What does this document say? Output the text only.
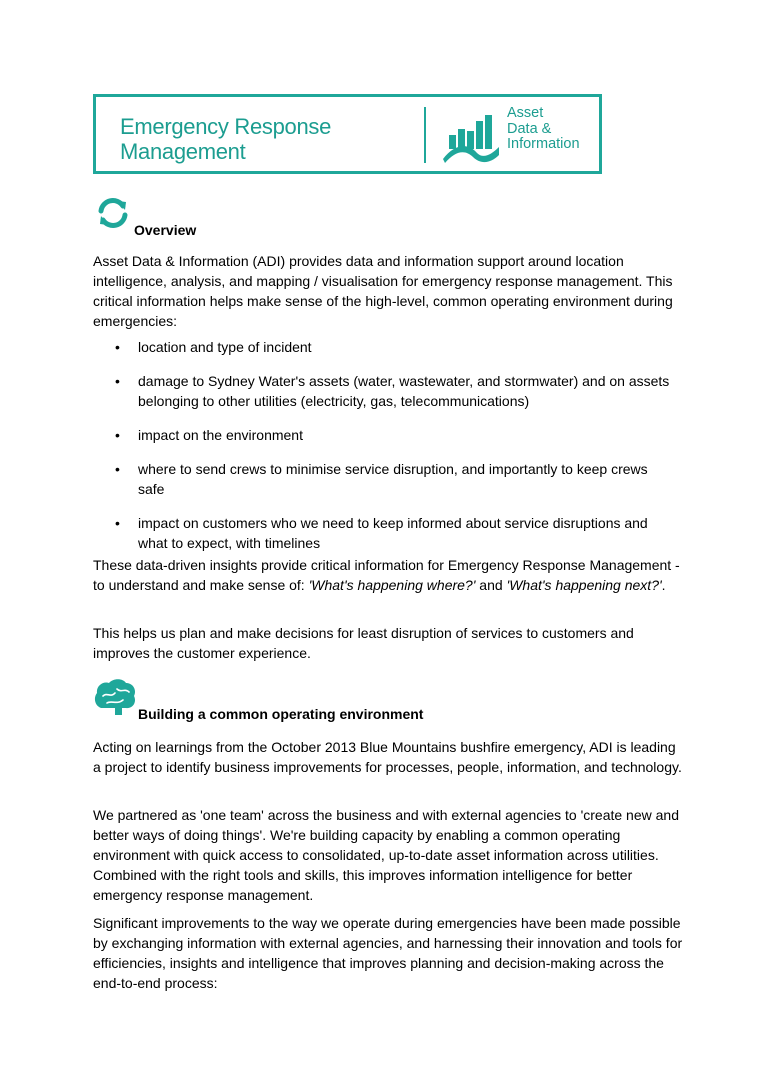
Emergency Response Management
Asset
Data &
Information
Overview
Asset Data & Information (ADI) provides data and information support around location intelligence, analysis, and mapping / visualisation for emergency response management. This critical information helps make sense of the high-level, common operating environment during emergencies:
• location and type of incident
• damage to Sydney Water's assets (water, wastewater, and stormwater) and on assets belonging to other utilities (electricity, gas, telecommunications)
• impact on the environment
• where to send crews to minimise service disruption, and importantly to keep crews safe
• impact on customers who we need to keep informed about service disruptions and what to expect, with timelines
These data-driven insights provide critical information for Emergency Response Management - to understand and make sense of: 'What's happening where?' and 'What's happening next?'.
This helps us plan and make decisions for least disruption of services to customers and improves the customer experience.
Building a common operating environment
Acting on learnings from the October 2013 Blue Mountains bushfire emergency, ADI is leading a project to identify business improvements for processes, people, information, and technology.
We partnered as 'one team' across the business and with external agencies to 'create new and better ways of doing things'. We're building capacity by enabling a common operating environment with quick access to consolidated, up-to-date asset information across utilities. Combined with the right tools and skills, this improves information intelligence for better emergency response management.
Significant improvements to the way we operate during emergencies have been made possible by exchanging information with external agencies, and harnessing their innovation and tools for efficiencies, insights and intelligence that improves planning and decision-making across the end-to-end process:
